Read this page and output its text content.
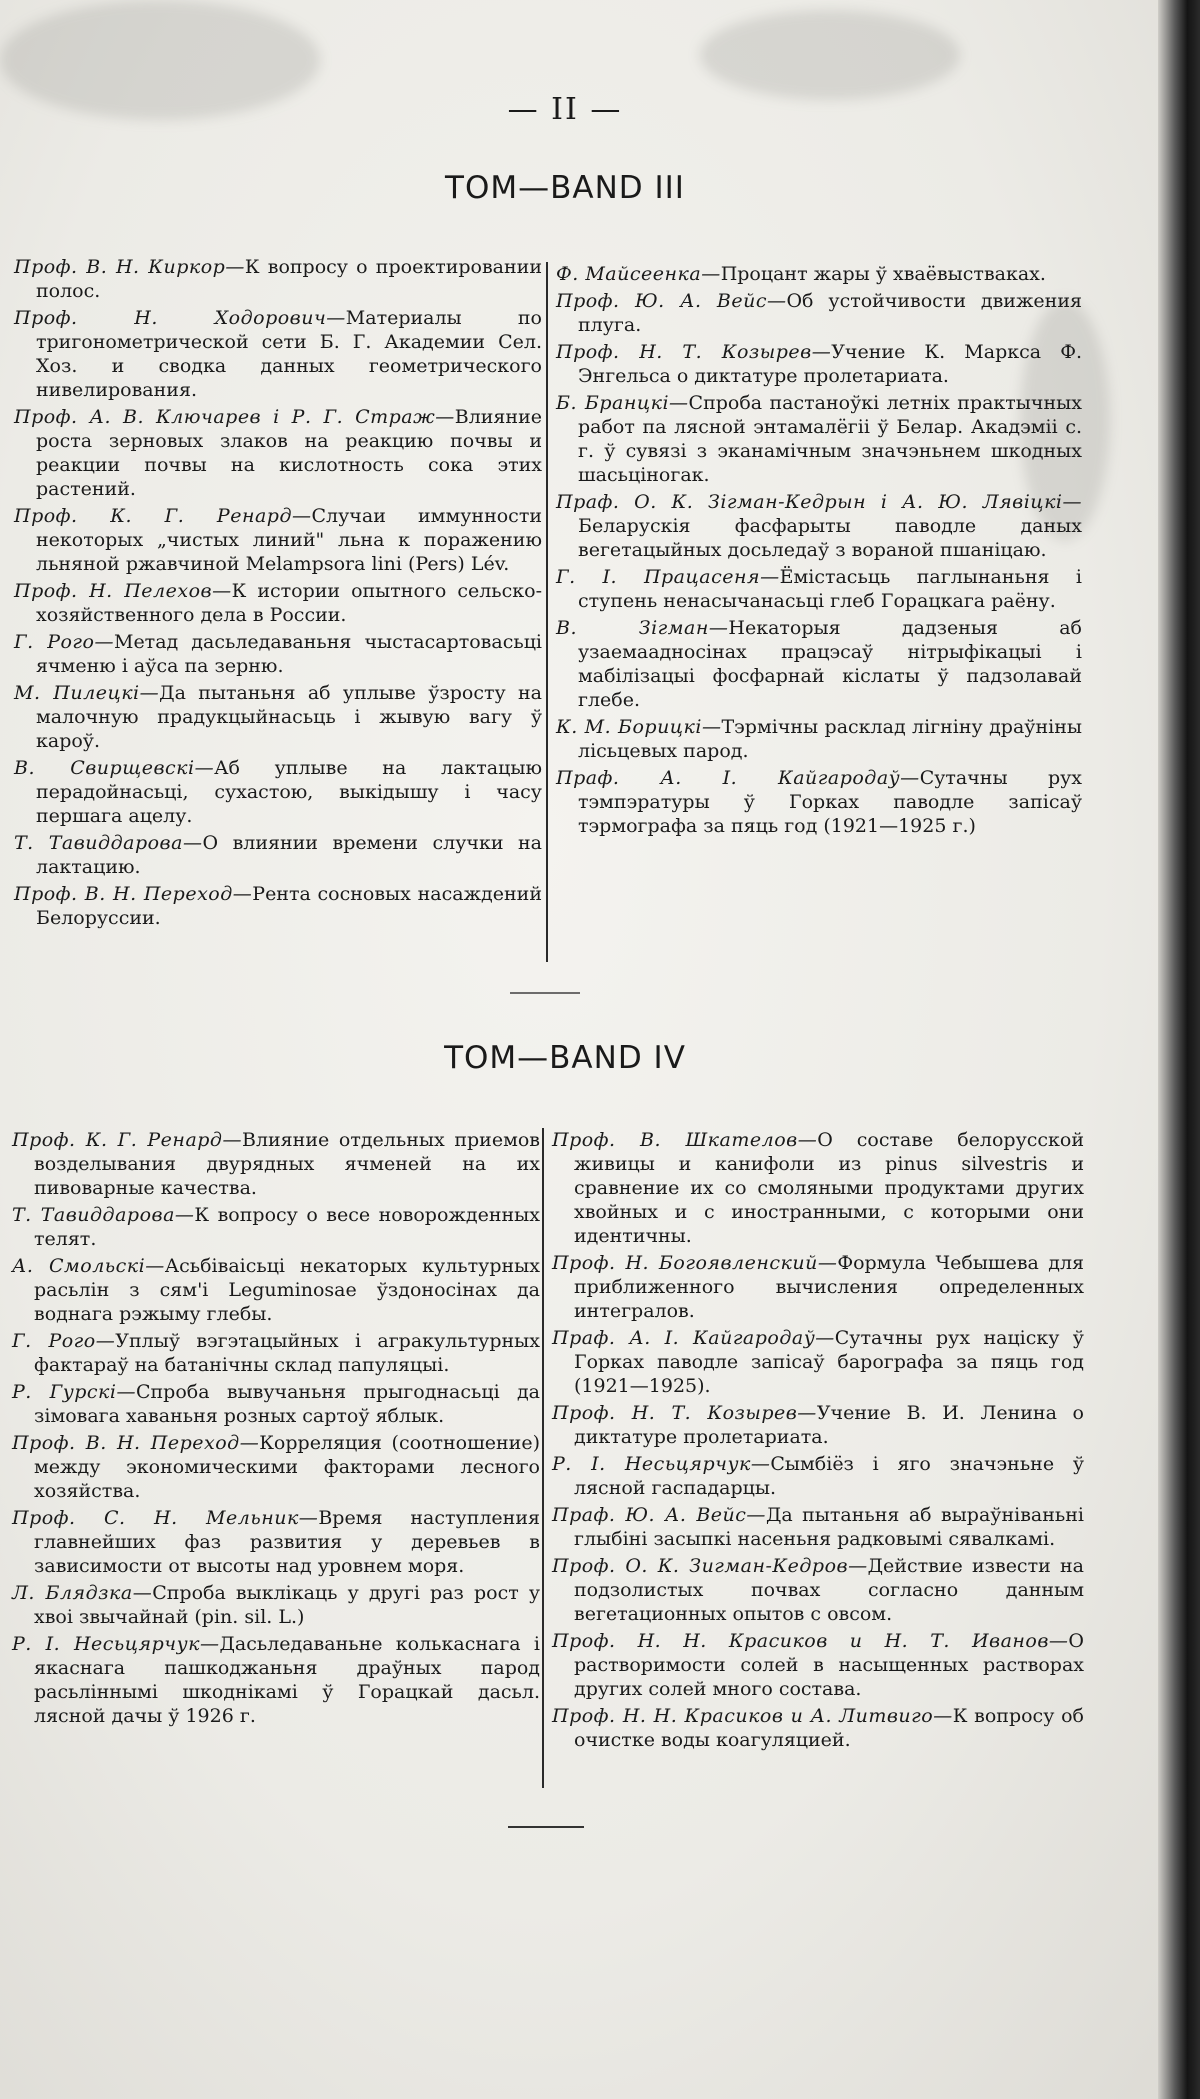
— II —
TOM—BAND III

Проф. В. Н. Киркор—К вопросу о проектировании полос.

Проф. Н. Ходорович—Материалы по тригонометрической сети Б. Г. Академии Сел. Хоз. и сводка данных геометрического нивелирования.

Проф. А. В. Ключарев і Р. Г. Страж—Влияние роста зерновых злаков на реакцию почвы и реакции почвы на кислотность сока этих растений.

Проф. К. Г. Ренард—Случаи иммунности некоторых „чистых линий" льна к поражению льняной ржавчиной Melampsora lini (Pers) Lév.

Проф. Н. Пелехов—К истории опытного сельско-хозяйственного дела в России.

Г. Рого—Метад дасьледаваньня чыстасартовасьці ячменю і аўса па зерню.

М. Пилецкі—Да пытаньня аб уплыве ўзросту на малочную прадукцыйнасьць і жывую вагу ў кароў.

В. Свирщевскі—Аб уплыве на лактацыю перадойнасьці, сухастою, выкідышу і часу першага ацелу.

Т. Тавиддарова—О влиянии времени случки на лактацию.

Проф. В. Н. Переход—Рента сосновых насаждений Белоруссии.

Ф. Майсеенка—Процант жары ў хваёвыстваках.

Проф. Ю. А. Вейс—Об устойчивости движения плуга.

Проф. Н. Т. Козырев—Учение К. Маркса Ф. Энгельса о диктатуре пролетариата.

Б. Бранцкі—Спроба пастаноўкі летніх практычных работ па лясной энтамалёгіі ў Белар. Акадэміі с. г. ў сувязі з эканамічным значэньнем шкодных шасьціногак.

Праф. О. К. Зігман-Кедрын і А. Ю. Лявіцкі—Беларускія фасфарыты паводле даных вегетацыйных досьледаў з вораной пшаніцаю.

Г. І. Працасеня—Ёмістасьць паглынаньня і ступень ненасычанасьці глеб Горацкага раёну.

В. Зігман—Некаторыя дадзеныя аб узаемаадносінах працэсаў нітрыфікацыі і мабілізацыі фосфарнай кіслаты ў падзолавай глебе.

К. М. Борицкі—Тэрмічны расклад лігніну драўніны лісьцевых парод.

Праф. А. І. Кайгародаў—Сутачны рух тэмпэратуры ў Горках паводле запісаў тэрмографа за пяць год (1921—1925 г.)

TOM—BAND IV

Проф. К. Г. Ренард—Влияние отдельных приемов возделывания двурядных ячменей на их пивоварные качества.

Т. Тавиддарова—К вопросу о весе новорожденных телят.

А. Смольскі—Асьбіваісьці некаторых культурных расьлін з сям'і Leguminosae ўздоносінах да воднага рэжыму глебы.

Г. Рого—Уплыў вэгэтацыйных і агракультурных фактараў на батанічны склад папуляцыі.

Р. Гурскі—Спроба вывучаньня прыгоднасьці да зімовага хаваньня розных сартоў яблык.

Проф. В. Н. Переход—Корреляция (соотношение) между экономическими факторами лесного хозяйства.

Проф. С. Н. Мельник—Время наступления главнейших фаз развития у деревьев в зависимости от высоты над уровнем моря.

Л. Блядзка—Спроба выклікаць у другі раз рост у хвоі звычайнай (pin. sil. L.)

Р. І. Несьцярчук—Дасьледаваньне колькаснага і якаснага пашкоджаньня драўных парод расьліннымі шкоднікамі ў Горацкай дасьл. лясной дачы ў 1926 г.

Проф. В. Шкателов—О составе белорусской живицы и канифоли из pinus silvestris и сравнение их со смоляными продуктами других хвойных и с иностранными, с которыми они идентичны.

Проф. Н. Богоявленский—Формула Чебышева для приближенного вычисления определенных интегралов.

Праф. А. І. Кайгародаў—Сутачны рух націску ў Горках паводле запісаў барографа за пяць год (1921—1925).

Проф. Н. Т. Козырев—Учение В. И. Ленина о диктатуре пролетариата.

Р. І. Несьцярчук—Сымбіёз і яго значэньне ў лясной гаспадарцы.

Праф. Ю. А. Вейс—Да пытаньня аб выраўніваньні глыбіні засыпкі насеньня радковымі сявалкамі.

Проф. О. К. Зигман-Кедров—Действие извести на подзолистых почвах согласно данным вегетационных опытов с овсом.

Проф. Н. Н. Красиков и Н. Т. Иванов—О растворимости солей в насыщенных растворах других солей много состава.

Проф. Н. Н. Красиков и А. Литвиго—К вопросу об очистке воды коагуляцией.
